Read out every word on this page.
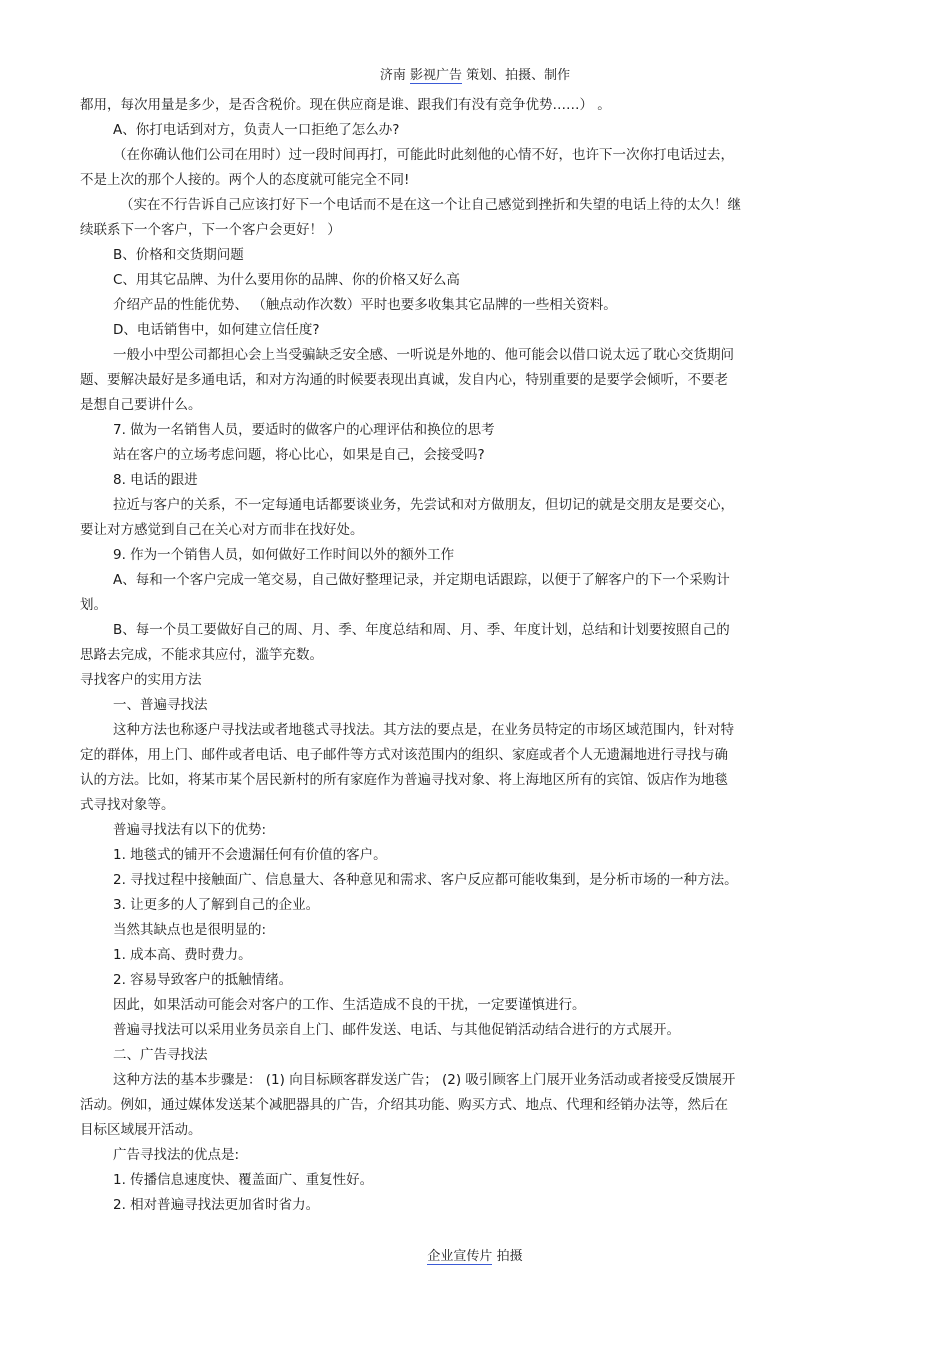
济南 影视广告 策划、拍摄、制作
都用，每次用量是多少，是否含税价。现在供应商是谁、跟我们有没有竞争优势……） 。
A、你打电话到对方，负责人一口拒绝了怎么办?
（在你确认他们公司在用时）过一段时间再打，可能此时此刻他的心情不好，也许下一次你打电话过去，
不是上次的那个人接的。两个人的态度就可能完全不同!
（实在不行告诉自己应该打好下一个电话而不是在这一个让自己感觉到挫折和失望的电话上待的太久！继
续联系下一个客户，下一个客户会更好！ ）
B、价格和交货期问题
C、用其它品牌、为什么要用你的品牌、你的价格又好么高
介绍产品的性能优势、 （触点动作次数）平时也要多收集其它品牌的一些相关资料。
D、电话销售中，如何建立信任度?
一般小中型公司都担心会上当受骗缺乏安全感、一听说是外地的、他可能会以借口说太远了耽心交货期问
题、要解决最好是多通电话，和对方沟通的时候要表现出真诚，发自内心，特别重要的是要学会倾听，不要老
是想自己要讲什么。
7. 做为一名销售人员，要适时的做客户的心理评估和换位的思考
站在客户的立场考虑问题，将心比心，如果是自己，会接受吗?
8. 电话的跟进
拉近与客户的关系，不一定每通电话都要谈业务，先尝试和对方做朋友，但切记的就是交朋友是要交心，
要让对方感觉到自己在关心对方而非在找好处。
9. 作为一个销售人员，如何做好工作时间以外的额外工作
A、每和一个客户完成一笔交易，自己做好整理记录，并定期电话跟踪，以便于了解客户的下一个采购计
划。
B、每一个员工要做好自己的周、月、季、年度总结和周、月、季、年度计划，总结和计划要按照自己的
思路去完成，不能求其应付，滥竽充数。
寻找客户的实用方法
一、普遍寻找法
这种方法也称逐户寻找法或者地毯式寻找法。其方法的要点是，在业务员特定的市场区域范围内，针对特
定的群体，用上门、邮件或者电话、电子邮件等方式对该范围内的组织、家庭或者个人无遗漏地进行寻找与确
认的方法。比如，将某市某个居民新村的所有家庭作为普遍寻找对象、将上海地区所有的宾馆、饭店作为地毯
式寻找对象等。
普遍寻找法有以下的优势:
1. 地毯式的铺开不会遗漏任何有价值的客户。
2. 寻找过程中接触面广、信息量大、各种意见和需求、客户反应都可能收集到，是分析市场的一种方法。
3. 让更多的人了解到自己的企业。
当然其缺点也是很明显的:
1. 成本高、费时费力。
2. 容易导致客户的抵触情绪。
因此，如果活动可能会对客户的工作、生活造成不良的干扰，一定要谨慎进行。
普遍寻找法可以采用业务员亲自上门、邮件发送、电话、与其他促销活动结合进行的方式展开。
二、广告寻找法
这种方法的基本步骤是： (1) 向目标顾客群发送广告； (2) 吸引顾客上门展开业务活动或者接受反馈展开
活动。例如，通过媒体发送某个减肥器具的广告，介绍其功能、购买方式、地点、代理和经销办法等，然后在
目标区域展开活动。
广告寻找法的优点是:
1. 传播信息速度快、覆盖面广、重复性好。
2. 相对普遍寻找法更加省时省力。
企业宣传片 拍摄
